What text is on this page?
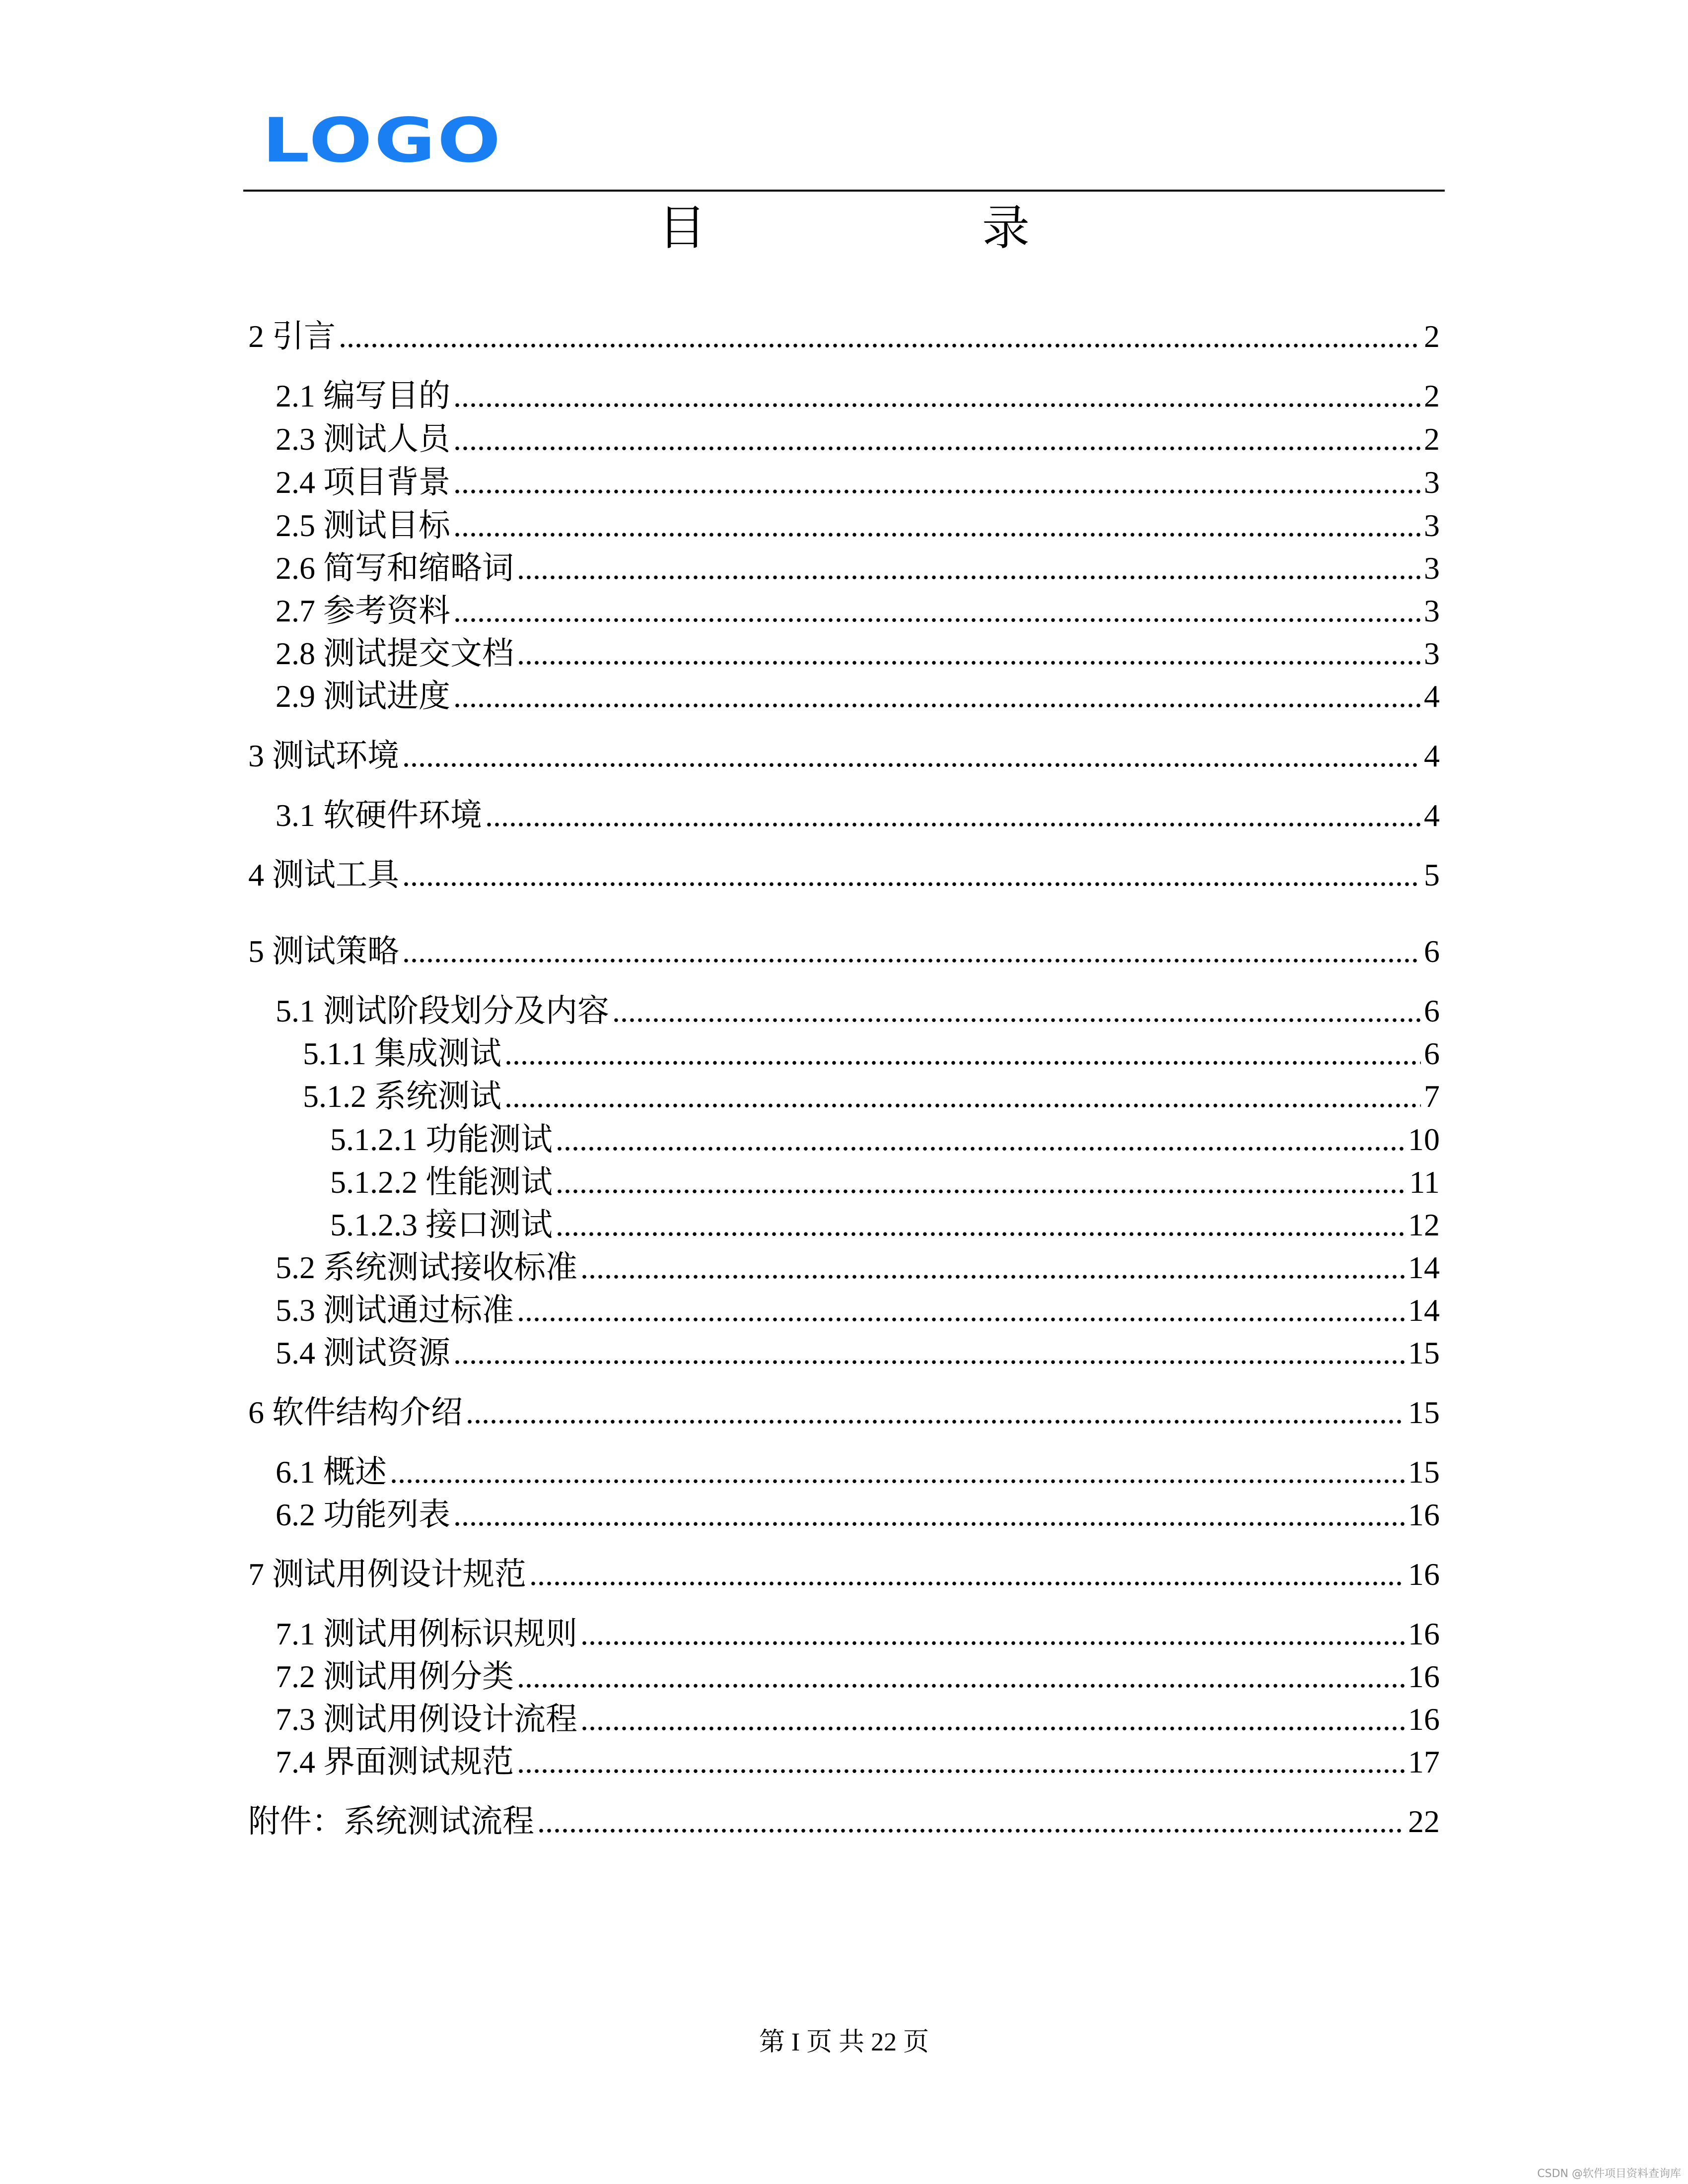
LOGO
目　录
2 引言 .....	2
2.1 编写目的 .....	2
2.3 测试人员 .....	2
2.4 项目背景 .....	3
2.5 测试目标 .....	3
2.6 简写和缩略词 .....	3
2.7 参考资料 .....	3
2.8 测试提交文档 .....	3
2.9 测试进度 .....	4
3 测试环境 .....	4
3.1 软硬件环境 .....	4
4 测试工具 .....	5
5 测试策略 .....	6
5.1 测试阶段划分及内容 .....	6
5.1.1 集成测试 .....	6
5.1.2 系统测试 .....	7
5.1.2.1 功能测试 .....	10
5.1.2.2 性能测试 .....	11
5.1.2.3 接口测试 .....	12
5.2 系统测试接收标准 .....	14
5.3 测试通过标准 .....	14
5.4 测试资源 .....	15
6 软件结构介绍 .....	15
6.1 概述 .....	15
6.2 功能列表 .....	16
7 测试用例设计规范 .....	16
7.1 测试用例标识规则 .....	16
7.2 测试用例分类 .....	16
7.3 测试用例设计流程 .....	16
7.4 界面测试规范 .....	17
附件：系统测试流程 .....	22
第 I 页 共 22 页
CSDN @软件项目资料查询库
